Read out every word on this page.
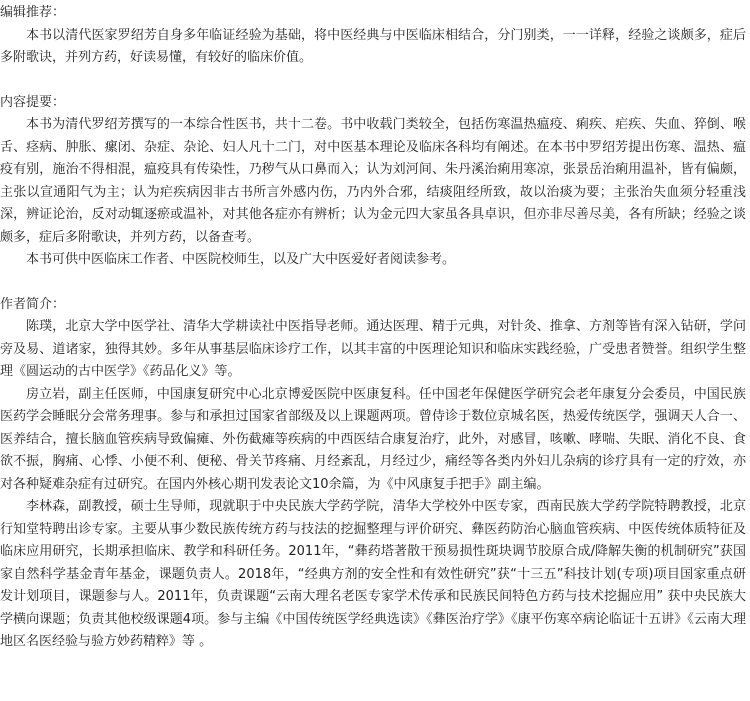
编辑推荐：

本书以清代医家罗绍芳自身多年临证经验为基础，将中医经典与中医临床相结合，分门别类，一一详释，经验之谈颇多，症后多附歌诀，并列方药，好读易懂，有较好的临床价值。

内容提要：

本书为清代罗绍芳撰写的一本综合性医书，共十二卷。书中收载门类较全，包括伤寒温热瘟疫、痢疾、疟疾、失血、猝倒、喉舌、痉病、肿胀、瘰闭、杂症、杂论、妇人凡十二门，对中医基本理论及临床各科均有阐述。在本书中罗绍芳提出伤寒、温热、瘟疫有别，施治不得相混，瘟疫具有传染性，乃秽气从口鼻而入；认为刘河间、朱丹溪治痢用寒凉，张景岳治痢用温补，皆有偏颇，主张以宣通阳气为主；认为疟疾病因非古书所言外感内伤，乃内外合邪，结痰阻经所致，故以治痰为要；主张治失血须分轻重浅深，辨证论治，反对动辄逐瘀或温补，对其他各症亦有辨析；认为金元四大家虽各具卓识，但亦非尽善尽美，各有所缺；经验之谈颇多，症后多附歌诀，并列方药，以备查考。

本书可供中医临床工作者、中医院校师生，以及广大中医爱好者阅读参考。

作者简介：

陈璞，北京大学中医学社、清华大学耕读社中医指导老师。通达医理、精于元典，对针灸、推拿、方剂等皆有深入钻研，学问旁及易、道诸家，独得其妙。多年从事基层临床诊疗工作，以其丰富的中医理论知识和临床实践经验，广受患者赞誉。组织学生整理《圆运动的古中医学》《药品化义》等。

房立岩，副主任医师，中国康复研究中心北京博爱医院中医康复科。任中国老年保健医学研究会老年康复分会委员，中国民族医药学会睡眠分会常务理事。参与和承担过国家省部级及以上课题两项。曾侍诊于数位京城名医，热爱传统医学，强调天人合一、医养结合，擅长脑血管疾病导致偏瘫、外伤截瘫等疾病的中西医结合康复治疗，此外，对感冒，咳嗽、哮喘、失眠、消化不良、食欲不振，胸痛、心悸、小便不利、便秘、骨关节疼痛、月经紊乱，月经过少，痛经等各类内外妇儿杂病的诊疗具有一定的疗效，亦对各种疑难杂症有过研究。在国内外核心期刊发表论文10余篇，为《中风康复手把手》副主编。

李林森，副教授，硕士生导师，现就职于中央民族大学药学院，清华大学校外中医专家，西南民族大学药学院特聘教授，北京行知堂特聘出诊专家。主要从事少数民族传统方药与技法的挖掘整理与评价研究、彝医药防治心脑血管疾病、中医传统体质特征及临床应用研究，长期承担临床、教学和科研任务。2011年，“彝药塔著散干预易损性斑块调节胶原合成/降解失衡的机制研究”获国家自然科学基金青年基金，课题负责人。2018年，“经典方剂的安全性和有效性研究”获“十三五”科技计划(专项)项目国家重点研发计划项目，课题参与人。2011年，负责课题“云南大理名老医专家学术传承和民族民间特色方药与技术挖掘应用” 获中央民族大学横向课题；负责其他校级课题4项。参与主编《中国传统医学经典选读》《彝医治疗学》《康平伤寒卒病论临证十五讲》《云南大理地区名医经验与验方妙药精粹》等 。
